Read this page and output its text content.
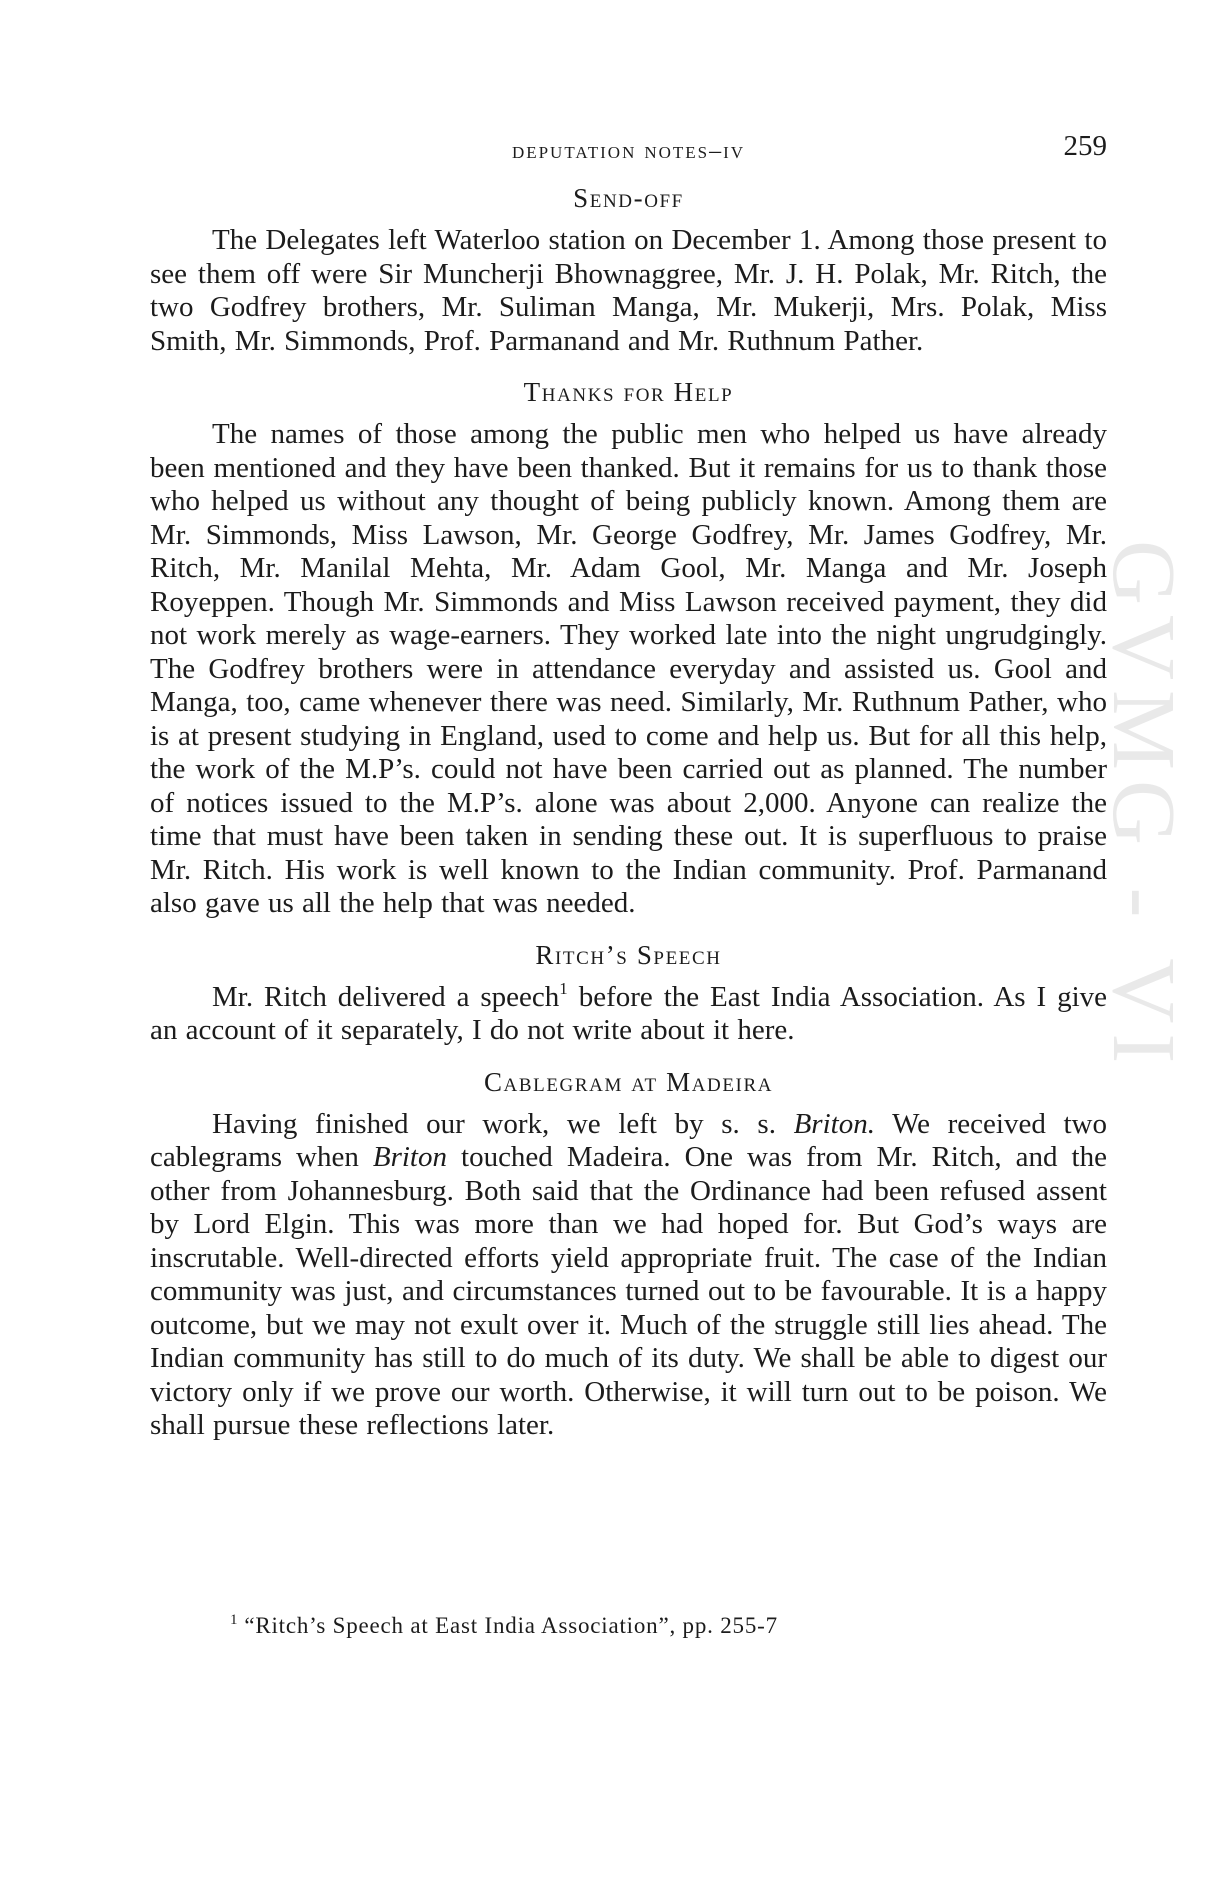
GVMG - VI
deputation notes–iv	259
Send-off

The Delegates left Waterloo station on December 1. Among those present to see them off were Sir Muncherji Bhownaggree, Mr. J. H. Polak, Mr. Ritch, the two Godfrey brothers, Mr. Suliman Manga, Mr. Mukerji, Mrs. Polak, Miss Smith, Mr. Simmonds, Prof. Parmanand and Mr. Ruthnum Pather.

Thanks for Help

The names of those among the public men who helped us have already been mentioned and they have been thanked. But it remains for us to thank those who helped us without any thought of being publicly known. Among them are Mr. Simmonds, Miss Lawson, Mr. George Godfrey, Mr. James Godfrey, Mr. Ritch, Mr. Manilal Mehta, Mr. Adam Gool, Mr. Manga and Mr. Joseph Royeppen. Though Mr. Simmonds and Miss Lawson received payment, they did not work merely as wage-earners. They worked late into the night ungrudgingly. The Godfrey brothers were in attendance everyday and assisted us. Gool and Manga, too, came whenever there was need. Similarly, Mr. Ruthnum Pather, who is at present studying in England, used to come and help us. But for all this help, the work of the M.P’s. could not have been carried out as planned. The number of notices issued to the M.P’s. alone was about 2,000. Anyone can realize the time that must have been taken in sending these out. It is superfluous to praise Mr. Ritch. His work is well known to the Indian community. Prof. Parmanand also gave us all the help that was needed.

Ritch’s Speech

Mr. Ritch delivered a speech$^1$ before the East India Association. As I give an account of it separately, I do not write about it here.

Cablegram at Madeira

Having finished our work, we left by s. s. Briton. We received two cablegrams when Briton touched Madeira. One was from Mr. Ritch, and the other from Johannesburg. Both said that the Ordinance had been refused assent by Lord Elgin. This was more than we had hoped for. But God’s ways are inscrutable. Well-directed efforts yield appropriate fruit. The case of the Indian community was just, and circumstances turned out to be favourable. It is a happy outcome, but we may not exult over it. Much of the struggle still lies ahead. The Indian community has still to do much of its duty. We shall be able to digest our victory only if we prove our worth. Otherwise, it will turn out to be poison. We shall pursue these reflections later.

$^1$ “Ritch’s Speech at East India Association”, pp. 255-7
